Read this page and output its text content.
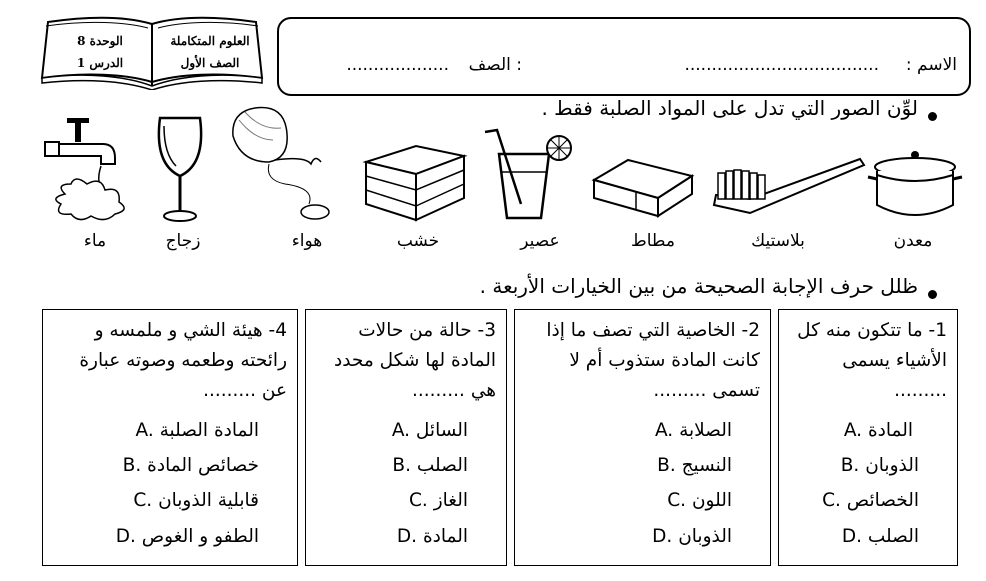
العلوم المتكاملة
الصف الأول
الوحدة 8
الدرس 1	الاسم :
....................................
الصف :
...................
لوِّن الصور التي تدل على المواد الصلبة فقط .
معدن
بلاستيك
مطاط
عصير
خشب
هواء
زجاج
ماء
ظلل حرف الإجابة الصحيحة من بين الخيارات الأربعة .
1- ما تتكون منه كل الأشياء يسمى .........
A. المادة
B. الذوبان
C. الخصائص
D. الصلب
2- الخاصية التي تصف ما إذا كانت المادة ستذوب أم لا تسمى .........
A. الصلابة
B. النسيج
C. اللون
D. الذوبان
3- حالة من حالات المادة لها شكل محدد هي .........
A. السائل
B. الصلب
C. الغاز
D. المادة
4- هيئة الشي و ملمسه و رائحته وطعمه وصوته عبارة عن .........
A. المادة الصلبة
B. خصائص المادة
C. قابلية الذوبان
D. الطفو و الغوص
